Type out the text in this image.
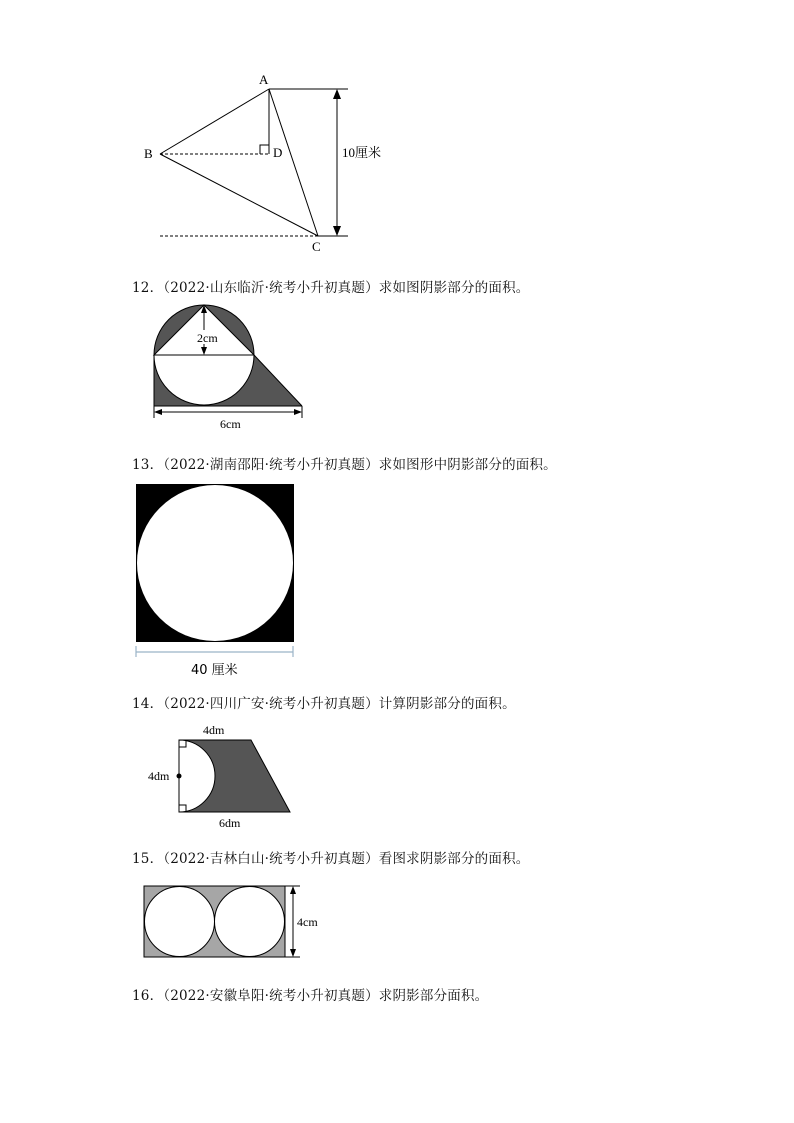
A
B
C
D	10厘米
12．（2022·山东临沂·统考小升初真题）求如图阴影部分的面积。
2cm
6cm
13．（2022·湖南邵阳·统考小升初真题）求如图形中阴影部分的面积。
40 厘米
14．（2022·四川广安·统考小升初真题）计算阴影部分的面积。
4dm
4dm
6dm
15．（2022·吉林白山·统考小升初真题）看图求阴影部分的面积。
4cm
16．（2022·安徽阜阳·统考小升初真题）求阴影部分面积。
